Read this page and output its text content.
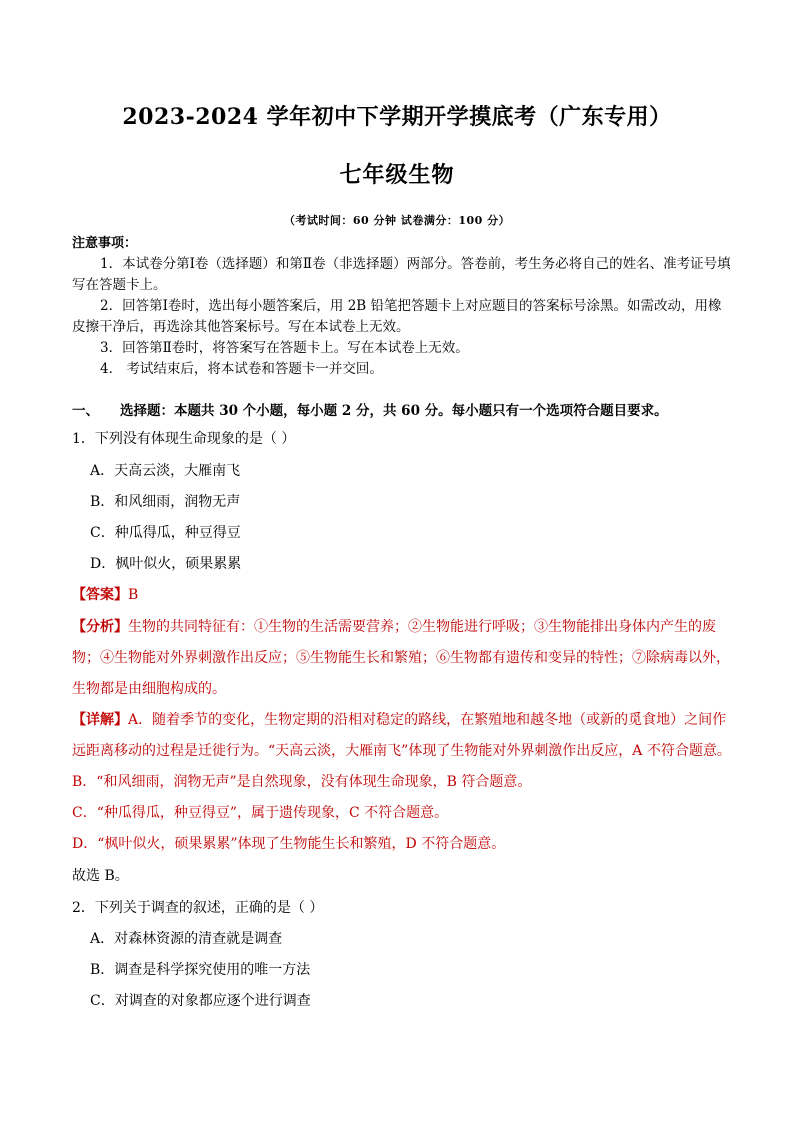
2023-2024 学年初中下学期开学摸底考（广东专用）
七年级生物
（考试时间：60 分钟 试卷满分：100 分）
注意事项：
1．本试卷分第Ⅰ卷（选择题）和第Ⅱ卷（非选择题）两部分。答卷前，考生务必将自己的姓名、准考证号填写在答题卡上。
2．回答第Ⅰ卷时，选出每小题答案后，用 2B 铅笔把答题卡上对应题目的答案标号涂黑。如需改动，用橡皮擦干净后，再选涂其他答案标号。写在本试卷上无效。
3．回答第Ⅱ卷时，将答案写在答题卡上。写在本试卷上无效。
4． 考试结束后，将本试卷和答题卡一并交回。
一、 选择题：本题共 30 个小题，每小题 2 分，共 60 分。每小题只有一个选项符合题目要求。
1．下列没有体现生命现象的是（ ）
A．天高云淡，大雁南飞
B．和风细雨，润物无声
C．种瓜得瓜，种豆得豆
D．枫叶似火，硕果累累
【答案】B
【分析】生物的共同特征有：①生物的生活需要营养；②生物能进行呼吸；③生物能排出身体内产生的废物；④生物能对外界刺激作出反应；⑤生物能生长和繁殖；⑥生物都有遗传和变异的特性；⑦除病毒以外，生物都是由细胞构成的。
【详解】A．随着季节的变化，生物定期的沿相对稳定的路线，在繁殖地和越冬地（或新的觅食地）之间作远距离移动的过程是迁徙行为。“天高云淡，大雁南飞”体现了生物能对外界刺激作出反应，A 不符合题意。
B．“和风细雨，润物无声”是自然现象，没有体现生命现象，B 符合题意。
C．“种瓜得瓜，种豆得豆”，属于遗传现象，C 不符合题意。
D．“枫叶似火，硕果累累”体现了生物能生长和繁殖，D 不符合题意。
故选 B。
2．下列关于调查的叙述，正确的是（ ）
A．对森林资源的清查就是调查
B．调查是科学探究使用的唯一方法
C．对调查的对象都应逐个进行调查
